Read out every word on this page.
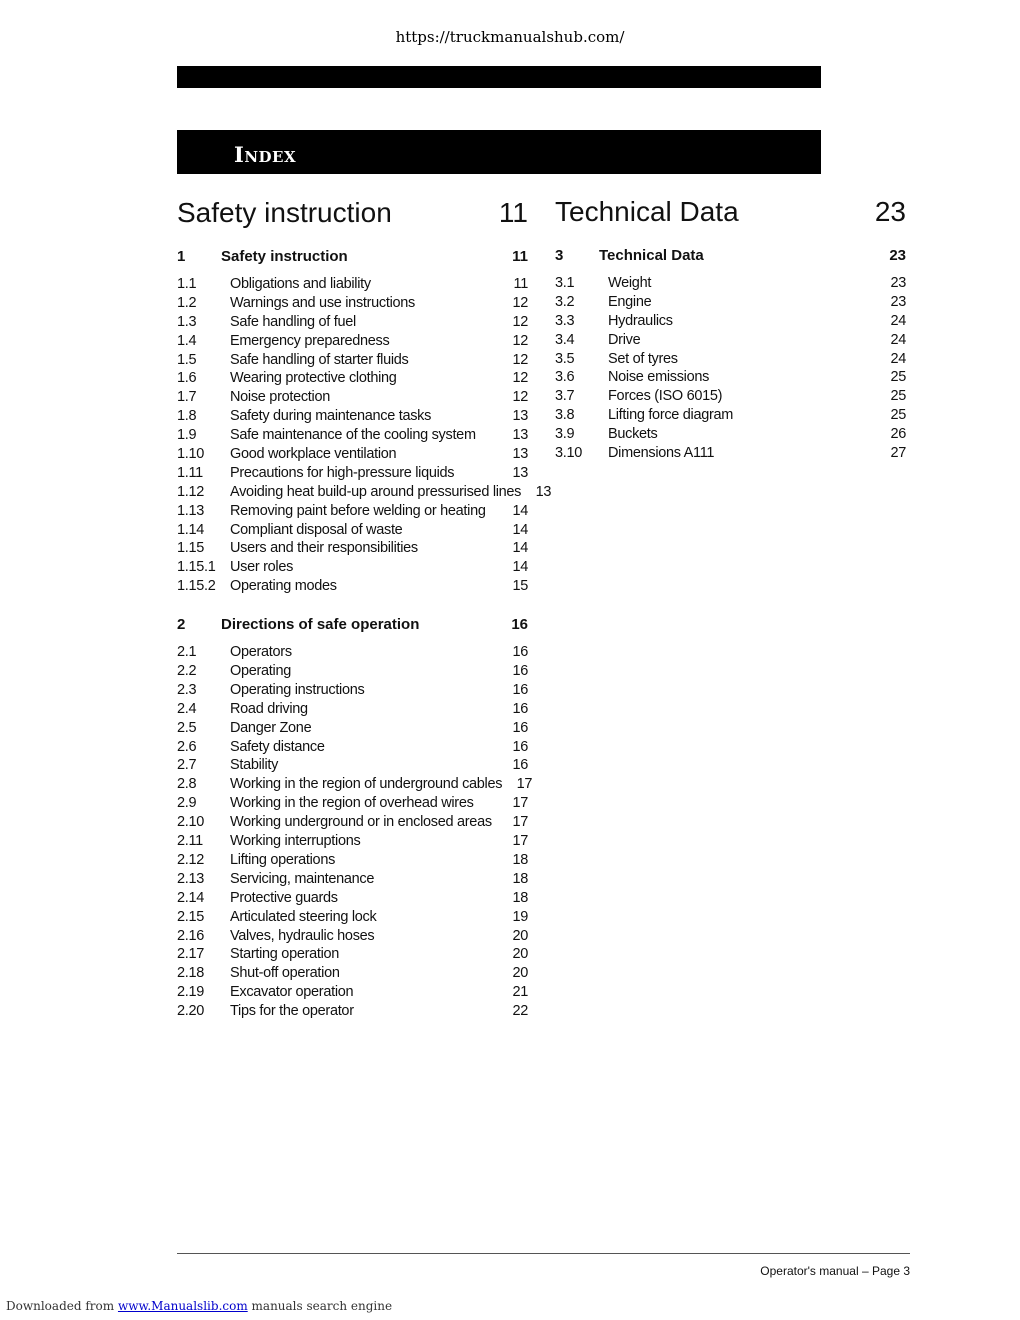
https://truckmanualshub.com/
Index
Safety instruction	11
1	Safety instruction	11
1.1	Obligations and liability	11
1.2	Warnings and use instructions	12
1.3	Safe handling of fuel	12
1.4	Emergency preparedness	12
1.5	Safe handling of starter fluids	12
1.6	Wearing protective clothing	12
1.7	Noise protection	12
1.8	Safety during maintenance tasks	13
1.9	Safe maintenance of the cooling system	13
1.10	Good workplace ventilation	13
1.11	Precautions for high-pressure liquids	13
1.12	Avoiding heat build-up around pressurised lines 13
1.13	Removing paint before welding or heating	14
1.14	Compliant disposal of waste	14
1.15	Users and their responsibilities	14
1.15.1 User roles	14
1.15.2 Operating modes	15
2	Directions of safe operation	16
2.1	Operators	16
2.2	Operating	16
2.3	Operating instructions	16
2.4	Road driving	16
2.5	Danger Zone	16
2.6	Safety distance	16
2.7	Stability	16
2.8	Working in the region of underground cables 17
2.9	Working in the region of overhead wires	17
2.10	Working underground or in enclosed areas	17
2.11	Working interruptions	17
2.12	Lifting operations	18
2.13	Servicing, maintenance	18
2.14	Protective guards	18
2.15	Articulated steering lock	19
2.16	Valves, hydraulic hoses	20
2.17	Starting operation	20
2.18	Shut-off operation	20
2.19	Excavator operation	21
2.20	Tips for the operator	22
Technical Data	23
3	Technical Data	23
3.1	Weight	23
3.2	Engine	23
3.3	Hydraulics	24
3.4	Drive	24
3.5	Set of tyres	24
3.6	Noise emissions	25
3.7	Forces (ISO 6015)	25
3.8	Lifting force diagram	25
3.9	Buckets	26
3.10	Dimensions A111	27
Operator's manual – Page 3
Downloaded from www.Manualslib.com manuals search engine
